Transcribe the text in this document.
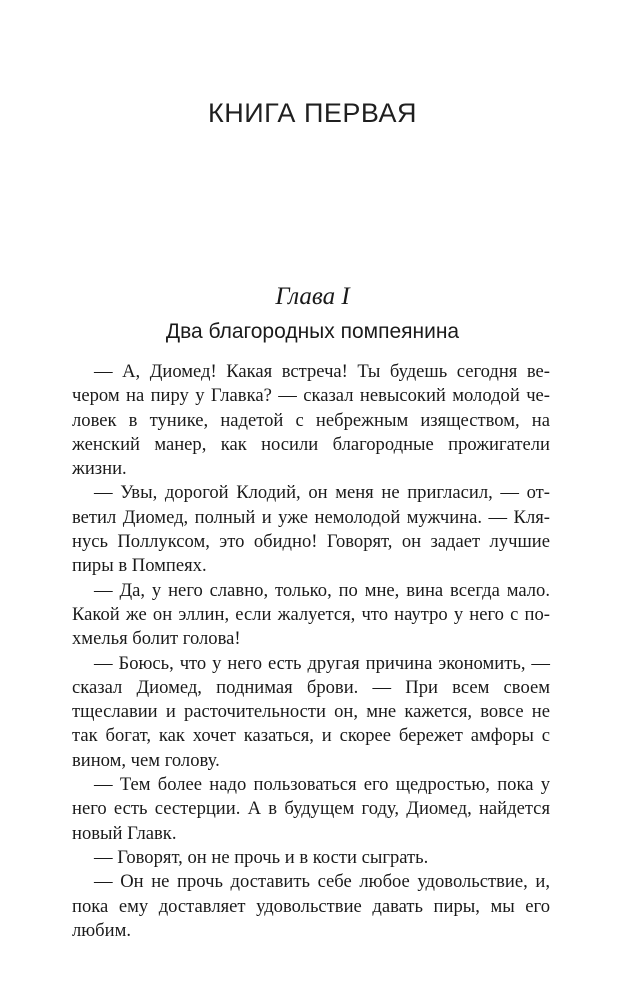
КНИГА ПЕРВАЯ
Глава I
Два благородных помпеянина

— А, Диомед! Какая встреча! Ты будешь сегодня вечером на пиру у Главка? — сказал невысокий молодой человек в тунике, надетой с небрежным изяществом, на женский манер, как носили благородные прожигатели жизни.

— Увы, дорогой Клодий, он меня не пригласил, — ответил Диомед, полный и уже немолодой мужчина. — Клянусь Поллуксом, это обидно! Говорят, он задает лучшие пиры в Помпеях.

— Да, у него славно, только, по мне, вина всегда мало. Какой же он эллин, если жалуется, что наутро у него с похмелья болит голова!

— Боюсь, что у него есть другая причина экономить, — сказал Диомед, поднимая брови. — При всем своем тщеславии и расточительности он, мне кажется, вовсе не так богат, как хочет казаться, и скорее бережет амфоры с вином, чем голову.

— Тем более надо пользоваться его щедростью, пока у него есть сестерции. А в будущем году, Диомед, найдется новый Главк.

— Говорят, он не прочь и в кости сыграть.

— Он не прочь доставить себе любое удовольствие, и, пока ему доставляет удовольствие давать пиры, мы его любим.
